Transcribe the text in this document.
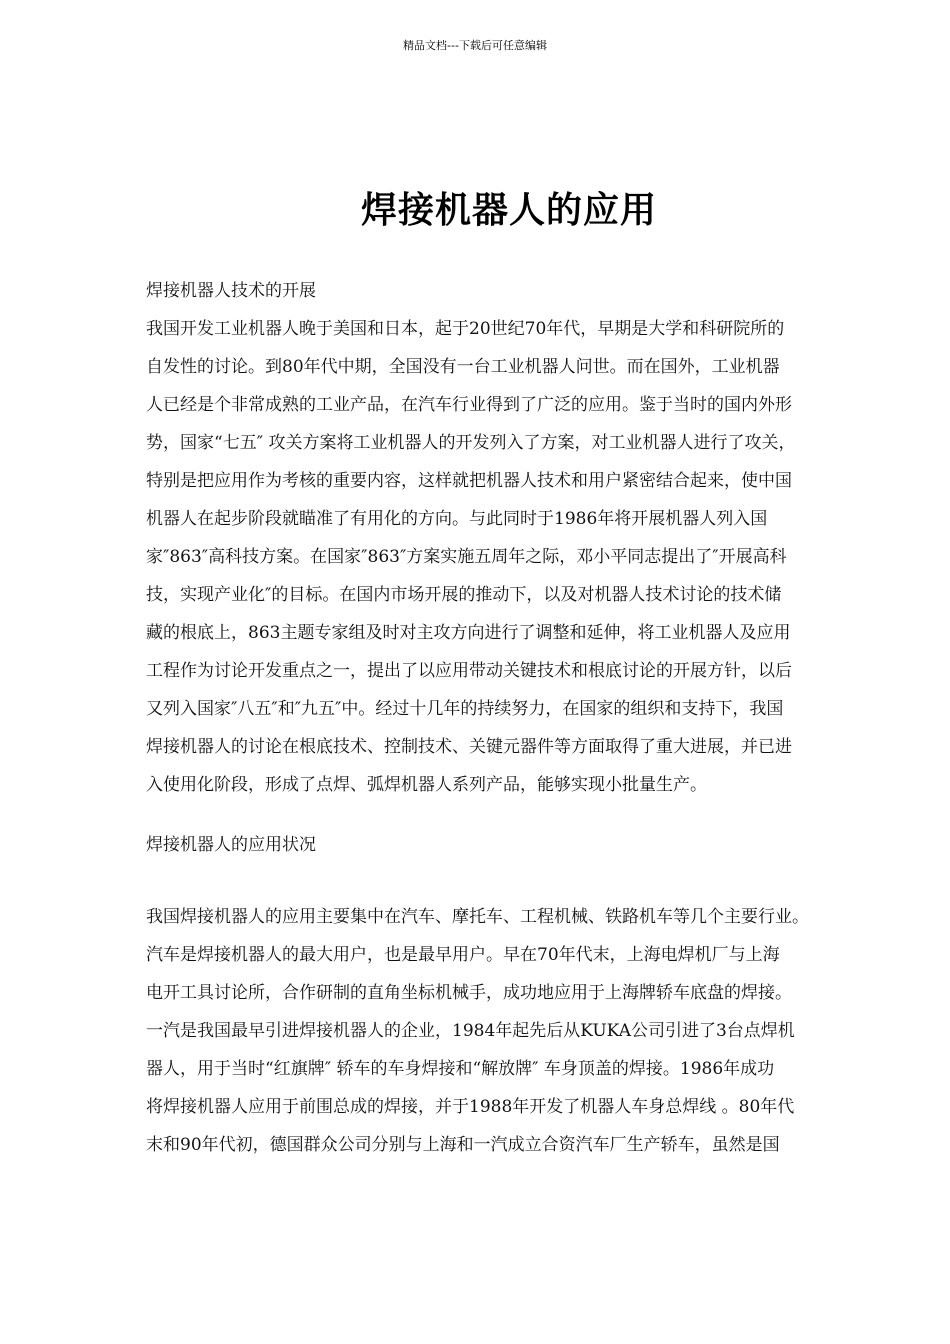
精品文档---下载后可任意编辑
焊接机器人的应用
焊接机器人技术的开展
我国开发工业机器人晚于美国和日本，起于20世纪70年代，早期是大学和科研院所的
自发性的讨论。到80年代中期，全国没有一台工业机器人问世。而在国外，工业机器
人已经是个非常成熟的工业产品，在汽车行业得到了广泛的应用。鉴于当时的国内外形
势，国家“七五″ 攻关方案将工业机器人的开发列入了方案，对工业机器人进行了攻关，
特别是把应用作为考核的重要内容，这样就把机器人技术和用户紧密结合起来，使中国
机器人在起步阶段就瞄准了有用化的方向。与此同时于1986年将开展机器人列入国
家″863″高科技方案。在国家″863″方案实施五周年之际，邓小平同志提出了″开展高科
技，实现产业化″的目标。在国内市场开展的推动下，以及对机器人技术讨论的技术储
藏的根底上，863主题专家组及时对主攻方向进行了调整和延伸，将工业机器人及应用
工程作为讨论开发重点之一，提出了以应用带动关键技术和根底讨论的开展方针，以后
又列入国家″八五″和″九五″中。经过十几年的持续努力，在国家的组织和支持下，我国
焊接机器人的讨论在根底技术、控制技术、关键元器件等方面取得了重大进展，并已进
入使用化阶段，形成了点焊、弧焊机器人系列产品，能够实现小批量生产。
焊接机器人的应用状况
我国焊接机器人的应用主要集中在汽车、摩托车、工程机械、铁路机车等几个主要行业。
汽车是焊接机器人的最大用户，也是最早用户。早在70年代末，上海电焊机厂与上海
电开工具讨论所，合作研制的直角坐标机械手，成功地应用于上海牌轿车底盘的焊接。
一汽是我国最早引进焊接机器人的企业，1984年起先后从KUKA公司引进了3台点焊机
器人，用于当时“红旗牌″ 轿车的车身焊接和“解放牌″ 车身顶盖的焊接。1986年成功
将焊接机器人应用于前围总成的焊接，并于1988年开发了机器人车身总焊线 。80年代
末和90年代初，德国群众公司分别与上海和一汽成立合资汽车厂生产轿车，虽然是国
